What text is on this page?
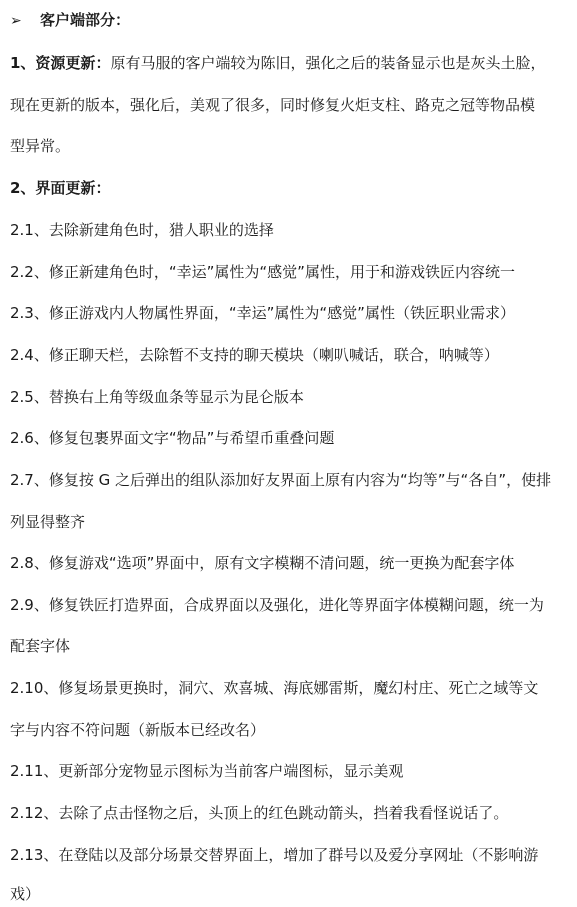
➢ 客户端部分：
1、资源更新：原有马服的客户端较为陈旧，强化之后的装备显示也是灰头土脸，
现在更新的版本，强化后，美观了很多，同时修复火炬支柱、路克之冠等物品模
型异常。
2、界面更新：
2.1、去除新建角色时，猎人职业的选择
2.2、修正新建角色时，“幸运”属性为“感觉”属性，用于和游戏铁匠内容统一
2.3、修正游戏内人物属性界面，“幸运”属性为“感觉”属性（铁匠职业需求）
2.4、修正聊天栏，去除暂不支持的聊天模块（喇叭喊话，联合，呐喊等）
2.5、替换右上角等级血条等显示为昆仑版本
2.6、修复包裹界面文字“物品”与希望币重叠问题
2.7、修复按 G 之后弹出的组队添加好友界面上原有内容为“均等”与“各自”，使排
列显得整齐
2.8、修复游戏“选项”界面中，原有文字模糊不清问题，统一更换为配套字体
2.9、修复铁匠打造界面，合成界面以及强化，进化等界面字体模糊问题，统一为
配套字体
2.10、修复场景更换时，洞穴、欢喜城、海底娜雷斯，魔幻村庄、死亡之域等文
字与内容不符问题（新版本已经改名）
2.11、更新部分宠物显示图标为当前客户端图标，显示美观
2.12、去除了点击怪物之后，头顶上的红色跳动箭头，挡着我看怪说话了。
2.13、在登陆以及部分场景交替界面上，增加了群号以及爱分享网址（不影响游
戏）
